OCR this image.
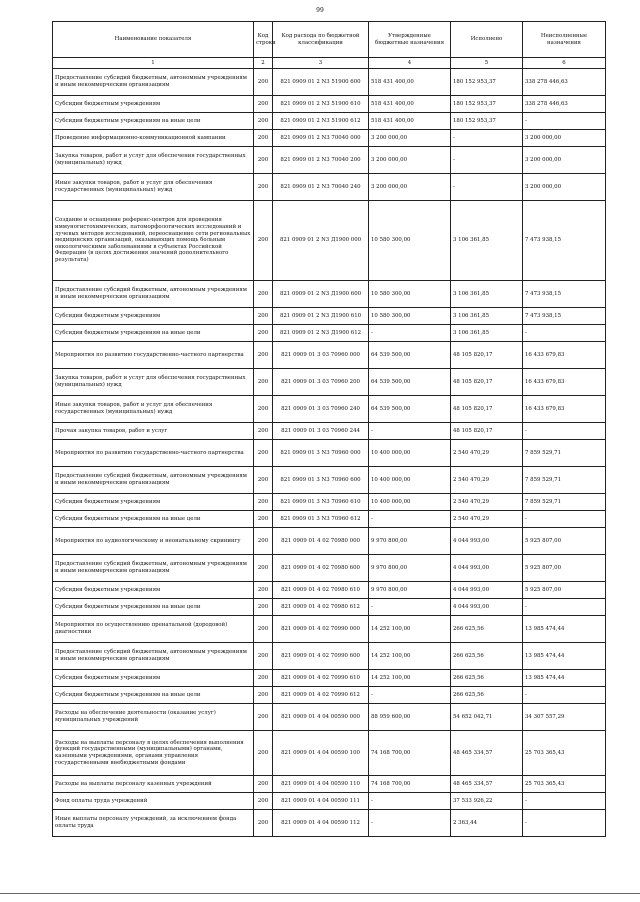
99
Наименование показателя	Код строки	Код расхода по бюджетной классификации	Утвержденные бюджетные назначения	Исполнено	Неисполненные назначения
1	2	3	4	5	6
Предоставление субсидий бюджетным, автономным учреждениям и иным некоммерческим организациям	200	821 0909 01 2 N3 51900 600	518 431 400,00	180 152 953,37	338 278 446,63
Субсидии бюджетным учреждениям	200	821 0909 01 2 N3 51900 610	518 431 400,00	180 152 953,37	338 278 446,63
Субсидии бюджетным учреждениям на иные цели	200	821 0909 01 2 N3 51900 612	518 431 400,00	180 152 953,37	-
Проведение информационно-коммуникационной кампании	200	821 0909 01 2 N3 70040 000	3 200 000,00	-	3 200 000,00
Закупка товаров, работ и услуг для обеспечения государственных (муниципальных) нужд	200	821 0909 01 2 N3 70040 200	3 200 000,00	-	3 200 000,00
Иные закупки товаров, работ и услуг для обеспечения государственных (муниципальных) нужд	200	821 0909 01 2 N3 70040 240	3 200 000,00	-	3 200 000,00
Создание и оснащение референс-центров для проведения иммуногистохимических, патоморфологических исследований и лучевых методов исследований, переоснащение сети региональных медицинских организаций, оказывающих помощь больным онкологическими заболеваниями в субъектах Российской Федерации (в целях достижения значений дополнительного результата)	200	821 0909 01 2 N3 Д1900 000	10 580 300,00	3 106 361,85	7 473 938,15
Предоставление субсидий бюджетным, автономным учреждениям и иным некоммерческим организациям	200	821 0909 01 2 N3 Д1900 600	10 580 300,00	3 106 361,85	7 473 938,15
Субсидии бюджетным учреждениям	200	821 0909 01 2 N3 Д1900 610	10 580 300,00	3 106 361,85	7 473 938,15
Субсидии бюджетным учреждениям на иные цели	200	821 0909 01 2 N3 Д1900 612	-	3 106 361,85	-
Мероприятия по развитию государственно-частного партнерства	200	821 0909 01 3 03 70960 000	64 539 500,00	48 105 820,17	16 433 679,83
Закупка товаров, работ и услуг для обеспечения государственных (муниципальных) нужд	200	821 0909 01 3 03 70960 200	64 539 500,00	48 105 820,17	16 433 679,83
Иные закупки товаров, работ и услуг для обеспечения государственных (муниципальных) нужд	200	821 0909 01 3 03 70960 240	64 539 500,00	48 105 820,17	16 433 679,83
Прочая закупка товаров, работ и услуг	200	821 0909 01 3 03 70960 244	-	48 105 820,17	-
Мероприятия по развитию государственно-частного партнерства	200	821 0909 01 3 N3 70960 000	10 400 000,00	2 540 470,29	7 859 529,71
Предоставление субсидий бюджетным, автономным учреждениям и иным некоммерческим организациям	200	821 0909 01 3 N3 70960 600	10 400 000,00	2 540 470,29	7 859 529,71
Субсидии бюджетным учреждениям	200	821 0909 01 3 N3 70960 610	10 400 000,00	2 540 470,29	7 859 529,71
Субсидии бюджетным учреждениям на иные цели	200	821 0909 01 3 N3 70960 612	-	2 540 470,29	-
Мероприятия по аудиологическому и неонатальному скринингу	200	821 0909 01 4 02 70980 000	9 970 800,00	4 044 993,00	5 925 807,00
Предоставление субсидий бюджетным, автономным учреждениям и иным некоммерческим организациям	200	821 0909 01 4 02 70980 600	9 970 800,00	4 044 993,00	5 925 807,00
Субсидии бюджетным учреждениям	200	821 0909 01 4 02 70980 610	9 970 800,00	4 044 993,00	5 925 807,00
Субсидии бюджетным учреждениям на иные цели	200	821 0909 01 4 02 70980 612	-	4 044 993,00	-
Мероприятия по осуществлению пренатальной (дородовой) диагностики	200	821 0909 01 4 02 70990 000	14 252 100,00	266 625,56	13 985 474,44
Предоставление субсидий бюджетным, автономным учреждениям и иным некоммерческим организациям	200	821 0909 01 4 02 70990 600	14 252 100,00	266 625,56	13 985 474,44
Субсидии бюджетным учреждениям	200	821 0909 01 4 02 70990 610	14 252 100,00	266 625,56	13 985 474,44
Субсидии бюджетным учреждениям на иные цели	200	821 0909 01 4 02 70990 612	-	266 625,56	-
Расходы на обеспечение деятельности (оказание услуг) муниципальных учреждений	200	821 0909 01 4 04 00590 000	88 959 600,00	54 652 042,71	34 307 557,29
Расходы на выплаты персоналу в целях обеспечения выполнения функций государственными (муниципальными) органами, казенными учреждениями, органами управления государственными внебюджетными фондами	200	821 0909 01 4 04 00590 100	74 168 700,00	48 465 334,57	25 703 365,43
Расходы на выплаты персоналу казенных учреждений	200	821 0909 01 4 04 00590 110	74 168 700,00	48 465 334,57	25 703 365,43
Фонд оплаты труда учреждений	200	821 0909 01 4 04 00590 111	-	37 533 926,22	-
Иные выплаты персоналу учреждений, за исключением фонда оплаты труда	200	821 0909 01 4 04 00590 112	-	2 363,44	-
